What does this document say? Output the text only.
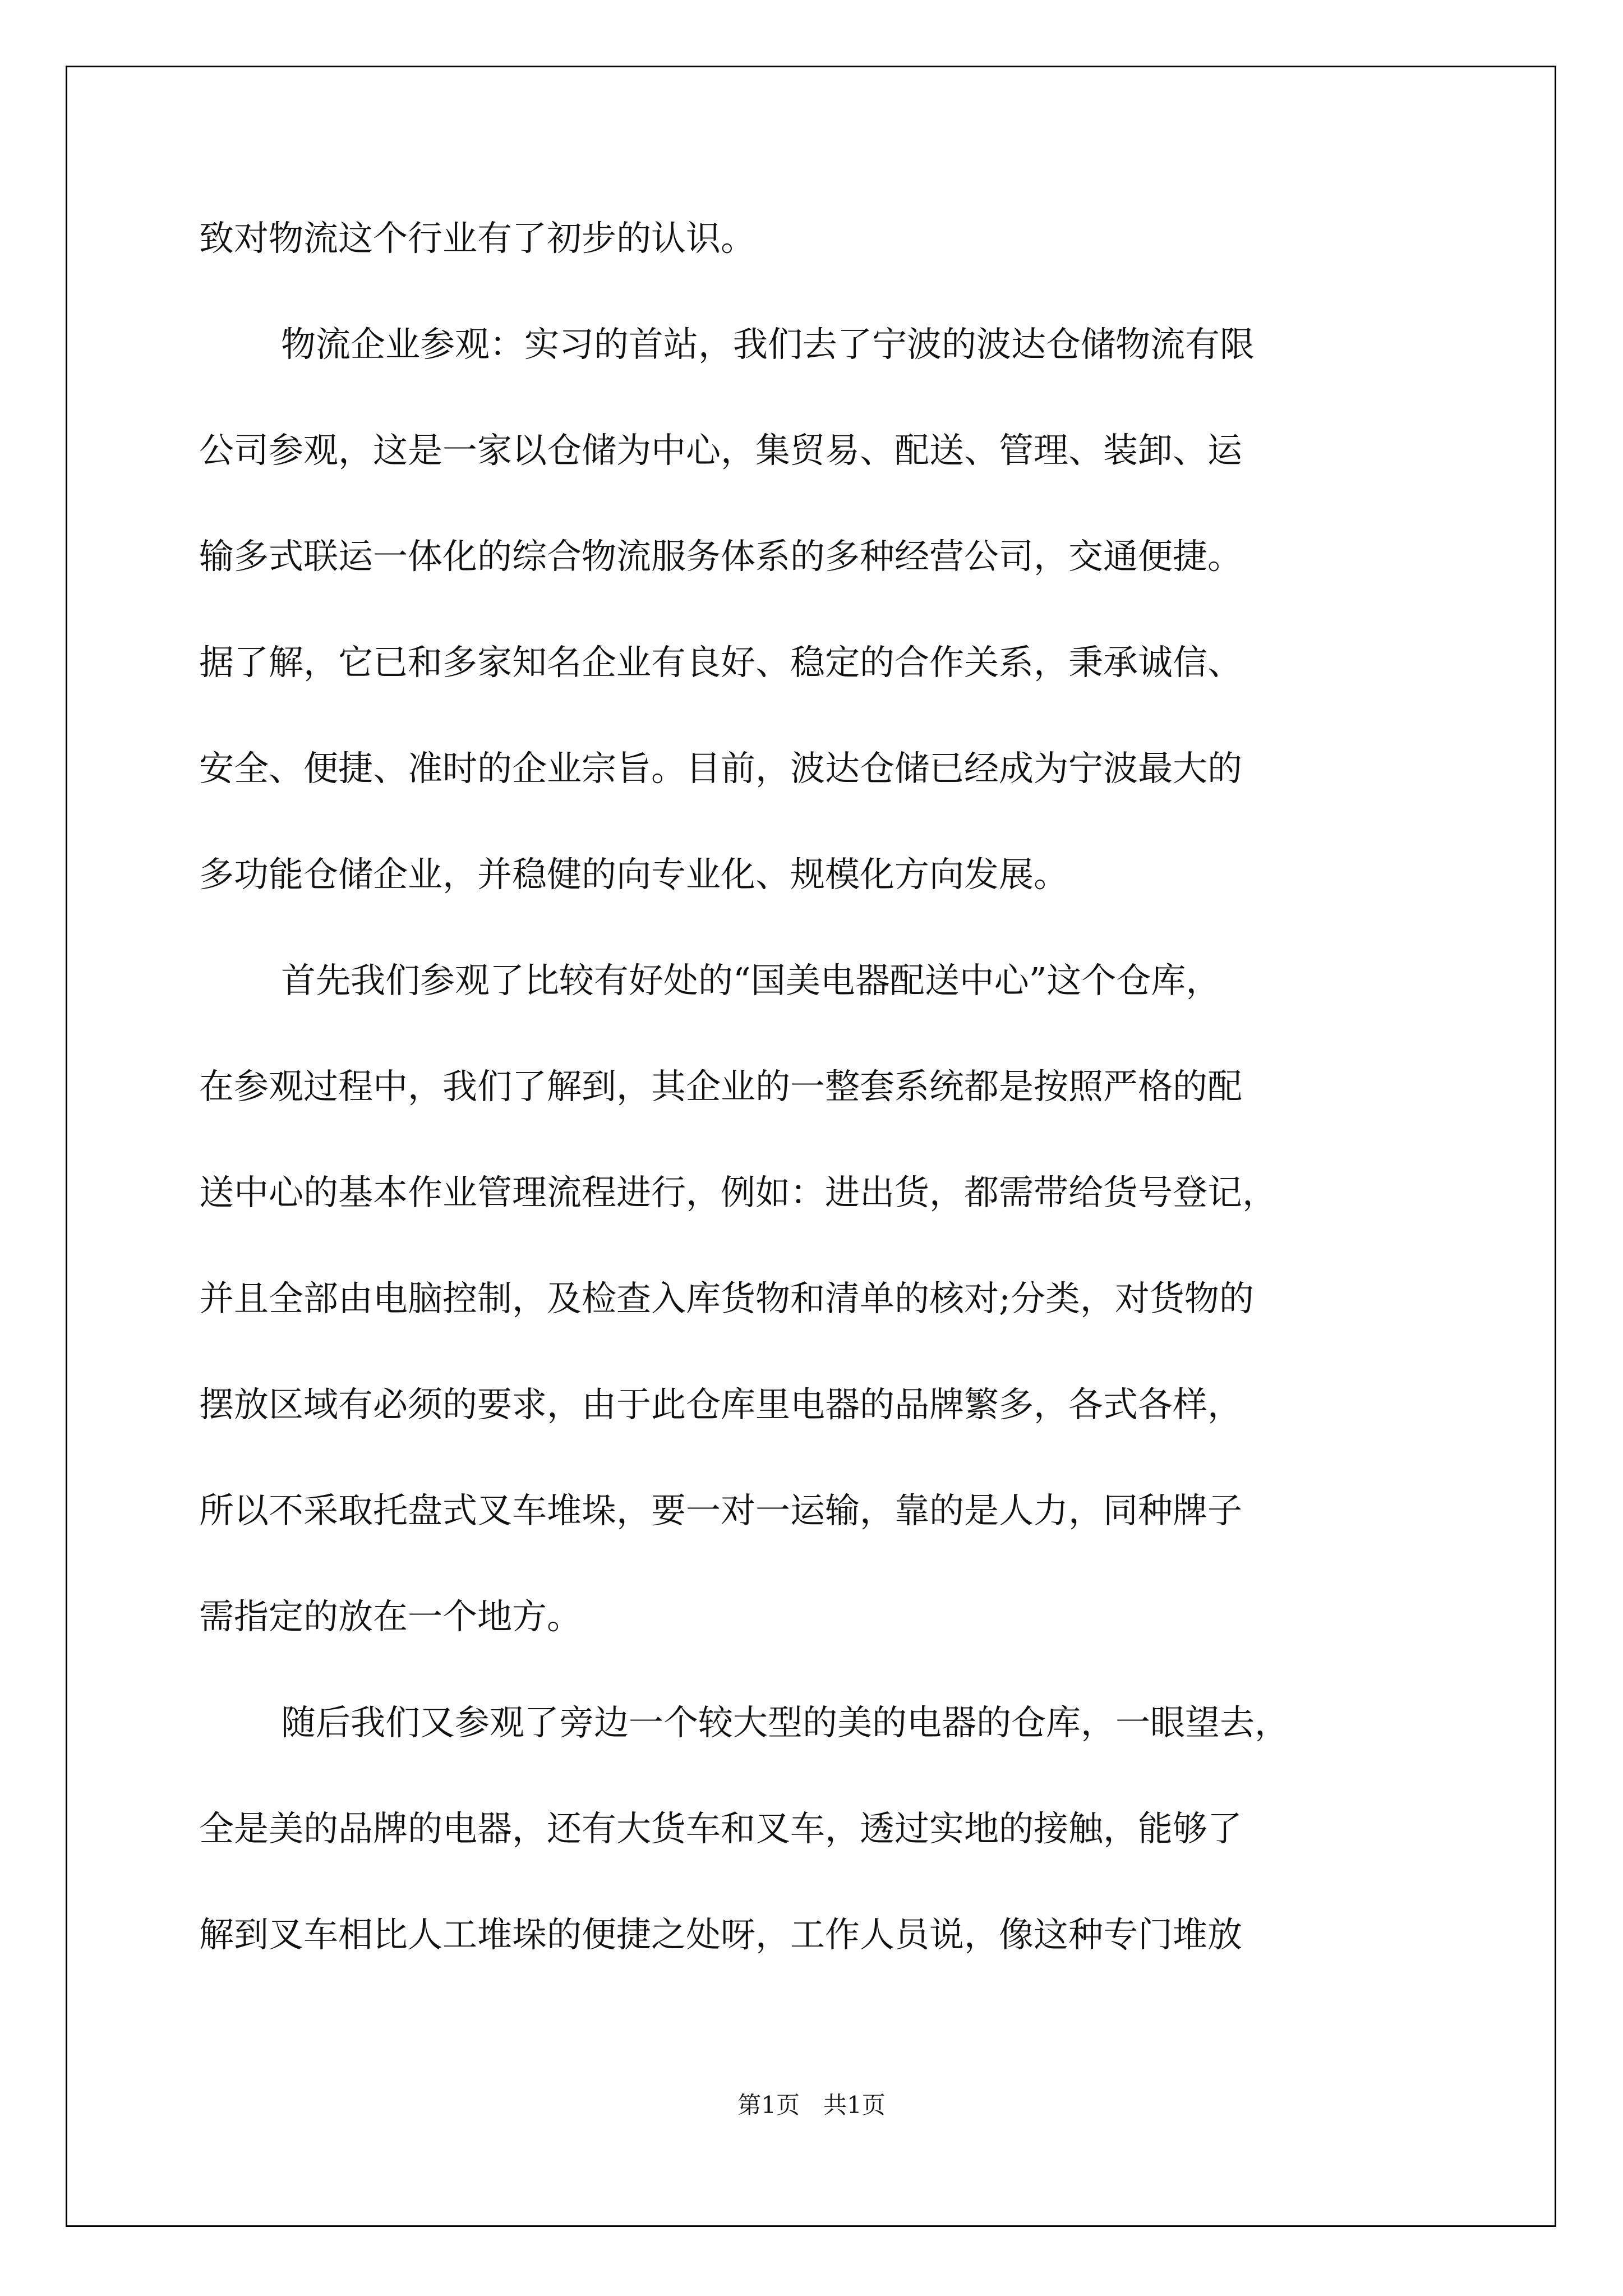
致对物流这个行业有了初步的认识。
物流企业参观：实习的首站，我们去了宁波的波达仓储物流有限
公司参观，这是一家以仓储为中心，集贸易、配送、管理、装卸、运
输多式联运一体化的综合物流服务体系的多种经营公司，交通便捷。
据了解，它已和多家知名企业有良好、稳定的合作关系，秉承诚信、
安全、便捷、准时的企业宗旨。目前，波达仓储已经成为宁波最大的
多功能仓储企业，并稳健的向专业化、规模化方向发展。
首先我们参观了比较有好处的“国美电器配送中心”这个仓库，
在参观过程中，我们了解到，其企业的一整套系统都是按照严格的配
送中心的基本作业管理流程进行，例如：进出货，都需带给货号登记，
并且全部由电脑控制，及检查入库货物和清单的核对;分类，对货物的
摆放区域有必须的要求，由于此仓库里电器的品牌繁多，各式各样，
所以不采取托盘式叉车堆垛，要一对一运输，靠的是人力，同种牌子
需指定的放在一个地方。
随后我们又参观了旁边一个较大型的美的电器的仓库，一眼望去，
全是美的品牌的电器，还有大货车和叉车，透过实地的接触，能够了
解到叉车相比人工堆垛的便捷之处呀，工作人员说，像这种专门堆放
第1页　共1页
